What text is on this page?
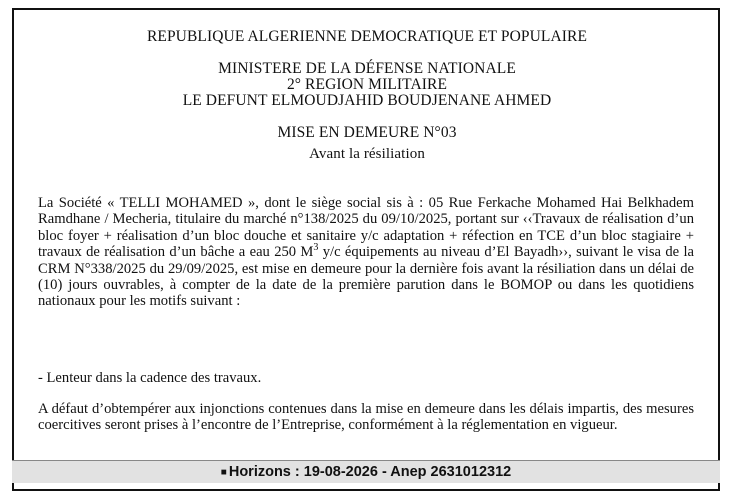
REPUBLIQUE ALGERIENNE DEMOCRATIQUE ET POPULAIRE
MINISTERE DE LA DÉFENSE NATIONALE
2° REGION MILITAIRE
LE DEFUNT ELMOUDJAHID BOUDJENANE AHMED
MISE EN DEMEURE N°03
Avant la résiliation

La Société « TELLI MOHAMED », dont le siège social sis à : 05 Rue Ferkache Mohamed Hai Belkhadem Ramdhane / Mecheria, titulaire du marché n°138/2025 du 09/10/2025, portant sur ‹‹Travaux de réalisation d’un bloc foyer + réalisation d’un bloc douche et sanitaire y/c adaptation + réfection en TCE d’un bloc stagiaire + travaux de réalisation d’un bâche a eau 250 $M^3$ y/c équipements au niveau d’El Bayadh››, suivant le visa de la CRM N°338/2025 du 29/09/2025, est mise en demeure pour la dernière fois avant la résiliation dans un délai de (10) jours ouvrables, à compter de la date de la première parution dans le BOMOP ou dans les quotidiens nationaux pour les motifs suivant :

- Lenteur dans la cadence des travaux.

A défaut d’obtempérer aux injonctions contenues dans la mise en demeure dans les délais impartis, des mesures coercitives seront prises à l’encontre de l’Entreprise, conformément à la réglementation en vigueur.

■ Horizons : 19-08-2026 - Anep 2631012312
